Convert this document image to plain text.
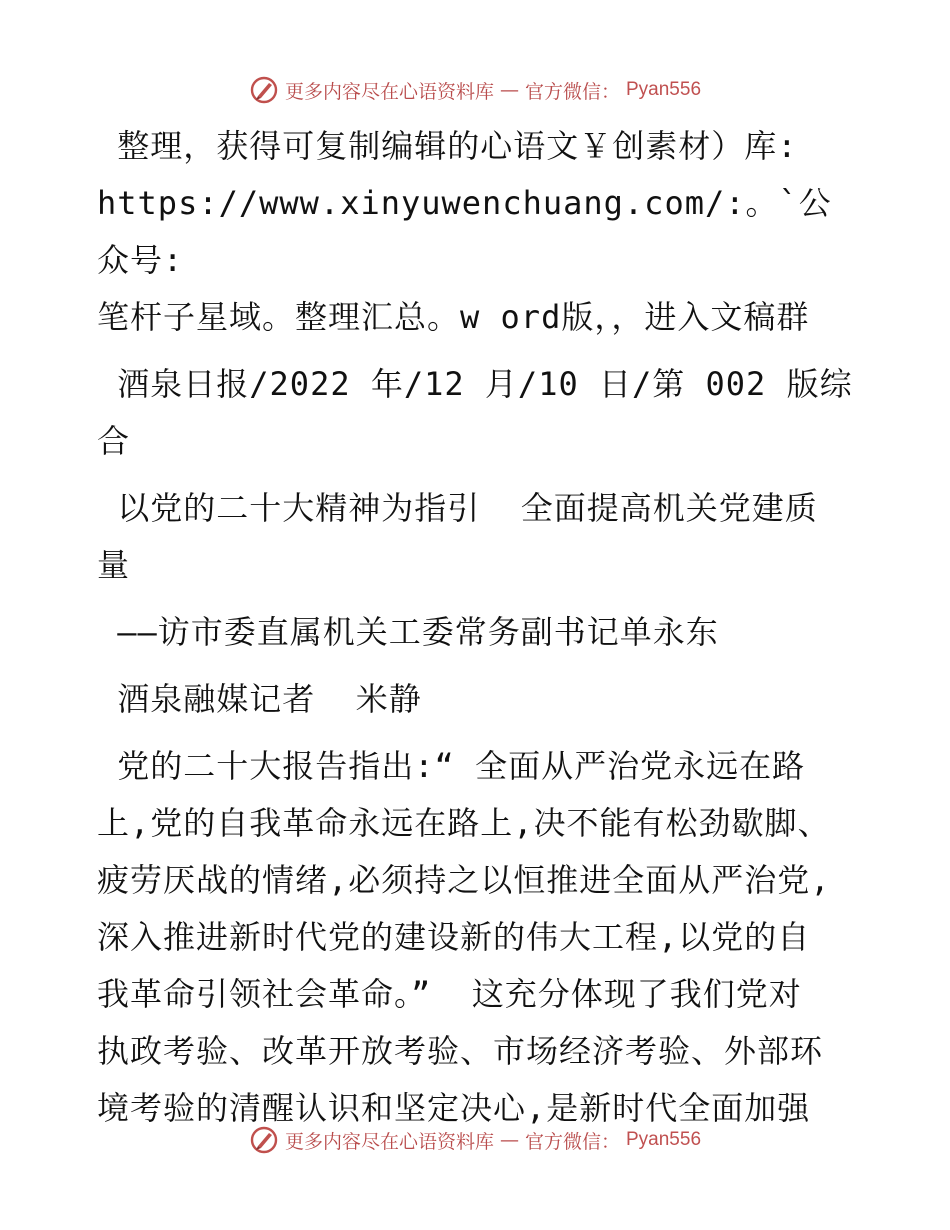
更多内容尽在心语资料库 — 官方微信： Pyan556

整理，获得可复制编辑的心语文￥创素材）库:

https://www.xinyuwenchuang.com/:。`公众号:

笔杆子星域。整理汇总。w ord版，，进入文稿群

酒泉日报/2022 年/12 月/10 日/第 002 版综合

以党的二十大精神为指引  全面提高机关党建质

量

——访市委直属机关工委常务副书记单永东

酒泉融媒记者  米静

党的二十大报告指出:“ 全面从严治党永远在路

上,党的自我革命永远在路上,决不能有松劲歇脚、

疲劳厌战的情绪,必须持之以恒推进全面从严治党,

深入推进新时代党的建设新的伟大工程,以党的自

我革命引领社会革命。”  这充分体现了我们党对

执政考验、改革开放考验、市场经济考验、外部环

境考验的清醒认识和坚定决心,是新时代全面加强

更多内容尽在心语资料库 — 官方微信： Pyan556
